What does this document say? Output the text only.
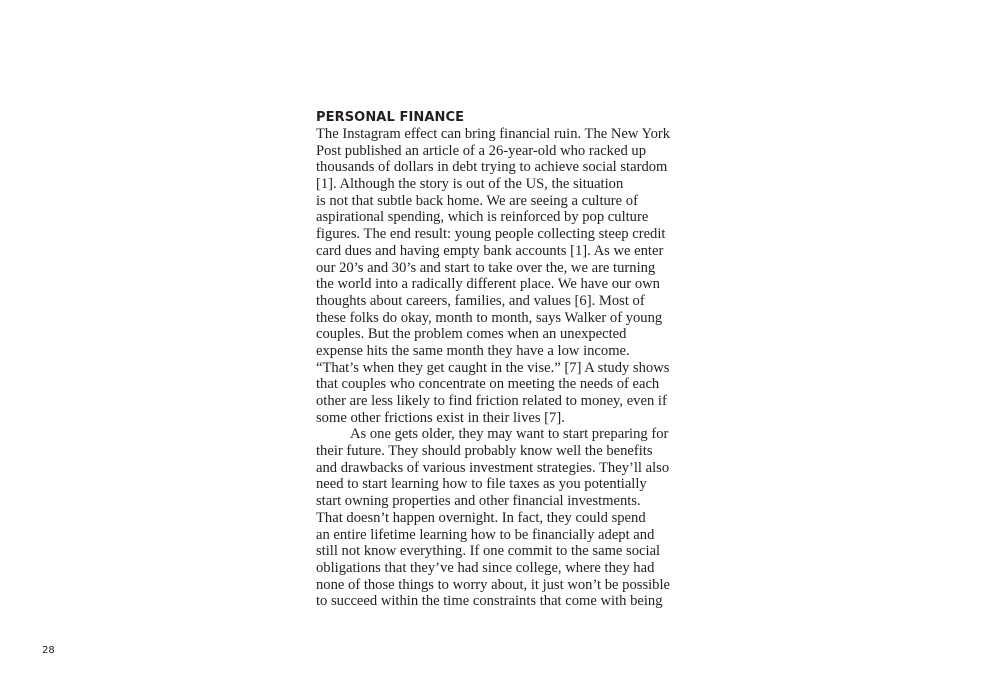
PERSONAL FINANCE
The Instagram effect can bring financial ruin. The New York
Post published an article of a 26-year-old who racked up
thousands of dollars in debt trying to achieve social stardom
[1]. Although the story is out of the US, the situation
is not that subtle back home. We are seeing a culture of
aspirational spending, which is reinforced by pop culture
figures. The end result: young people collecting steep credit
card dues and having empty bank accounts [1]. As we enter
our 20’s and 30’s and start to take over the, we are turning
the world into a radically different place. We have our own
thoughts about careers, families, and values [6]. Most of
these folks do okay, month to month, says Walker of young
couples. But the problem comes when an unexpected
expense hits the same month they have a low income.
“That’s when they get caught in the vise.” [7] A study shows
that couples who concentrate on meeting the needs of each
other are less likely to find friction related to money, even if
some other frictions exist in their lives [7].
As one gets older, they may want to start preparing for
their future. They should probably know well the benefits
and drawbacks of various investment strategies. They’ll also
need to start learning how to file taxes as you potentially
start owning properties and other financial investments.
That doesn’t happen overnight. In fact, they could spend
an entire lifetime learning how to be financially adept and
still not know everything. If one commit to the same social
obligations that they’ve had since college, where they had
none of those things to worry about, it just won’t be possible
to succeed within the time constraints that come with being
28
